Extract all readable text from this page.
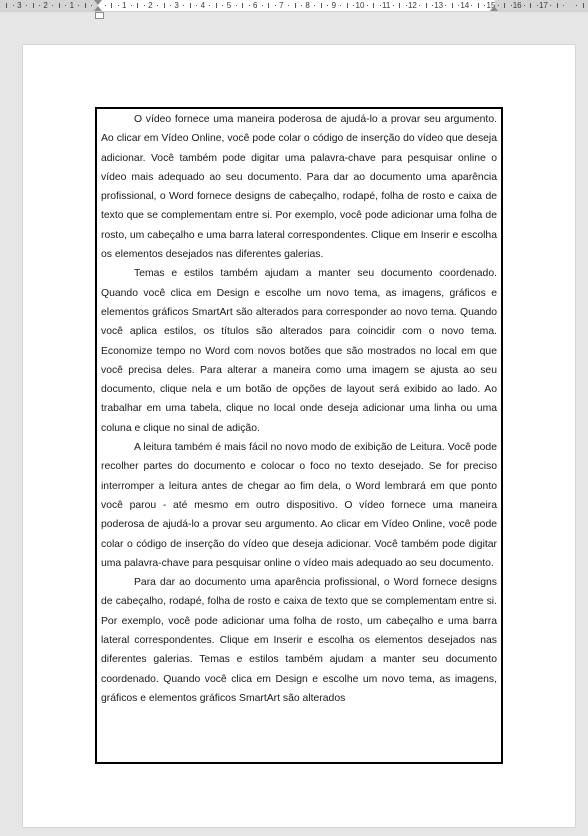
3	2	1	1	2	3	4	5	6	7	8	9 10 11 12 13 14 15 16 17

O vídeo fornece uma maneira poderosa de ajudá-lo a provar seu argumento. Ao clicar em Vídeo Online, você pode colar o código de inserção do vídeo que deseja adicionar. Você também pode digitar uma palavra-chave para pesquisar online o vídeo mais adequado ao seu documento. Para dar ao documento uma aparência profissional, o Word fornece designs de cabeçalho, rodapé, folha de rosto e caixa de texto que se complementam entre si. Por exemplo, você pode adicionar uma folha de rosto, um cabeçalho e uma barra lateral correspondentes. Clique em Inserir e escolha os elementos desejados nas diferentes galerias.

Temas e estilos também ajudam a manter seu documento coordenado. Quando você clica em Design e escolhe um novo tema, as imagens, gráficos e elementos gráficos SmartArt são alterados para corresponder ao novo tema. Quando você aplica estilos, os títulos são alterados para coincidir com o novo tema. Economize tempo no Word com novos botões que são mostrados no local em que você precisa deles. Para alterar a maneira como uma imagem se ajusta ao seu documento, clique nela e um botão de opções de layout será exibido ao lado. Ao trabalhar em uma tabela, clique no local onde deseja adicionar uma linha ou uma coluna e clique no sinal de adição.

A leitura também é mais fácil no novo modo de exibição de Leitura. Você pode recolher partes do documento e colocar o foco no texto desejado. Se for preciso interromper a leitura antes de chegar ao fim dela, o Word lembrará em que ponto você parou - até mesmo em outro dispositivo. O vídeo fornece uma maneira poderosa de ajudá-lo a provar seu argumento. Ao clicar em Vídeo Online, você pode colar o código de inserção do vídeo que deseja adicionar. Você também pode digitar uma palavra-chave para pesquisar online o vídeo mais adequado ao seu documento.

Para dar ao documento uma aparência profissional, o Word fornece designs de cabeçalho, rodapé, folha de rosto e caixa de texto que se complementam entre si. Por exemplo, você pode adicionar uma folha de rosto, um cabeçalho e uma barra lateral correspondentes. Clique em Inserir e escolha os elementos desejados nas diferentes galerias. Temas e estilos também ajudam a manter seu documento coordenado. Quando você clica em Design e escolhe um novo tema, as imagens, gráficos e elementos gráficos SmartArt são alterados
